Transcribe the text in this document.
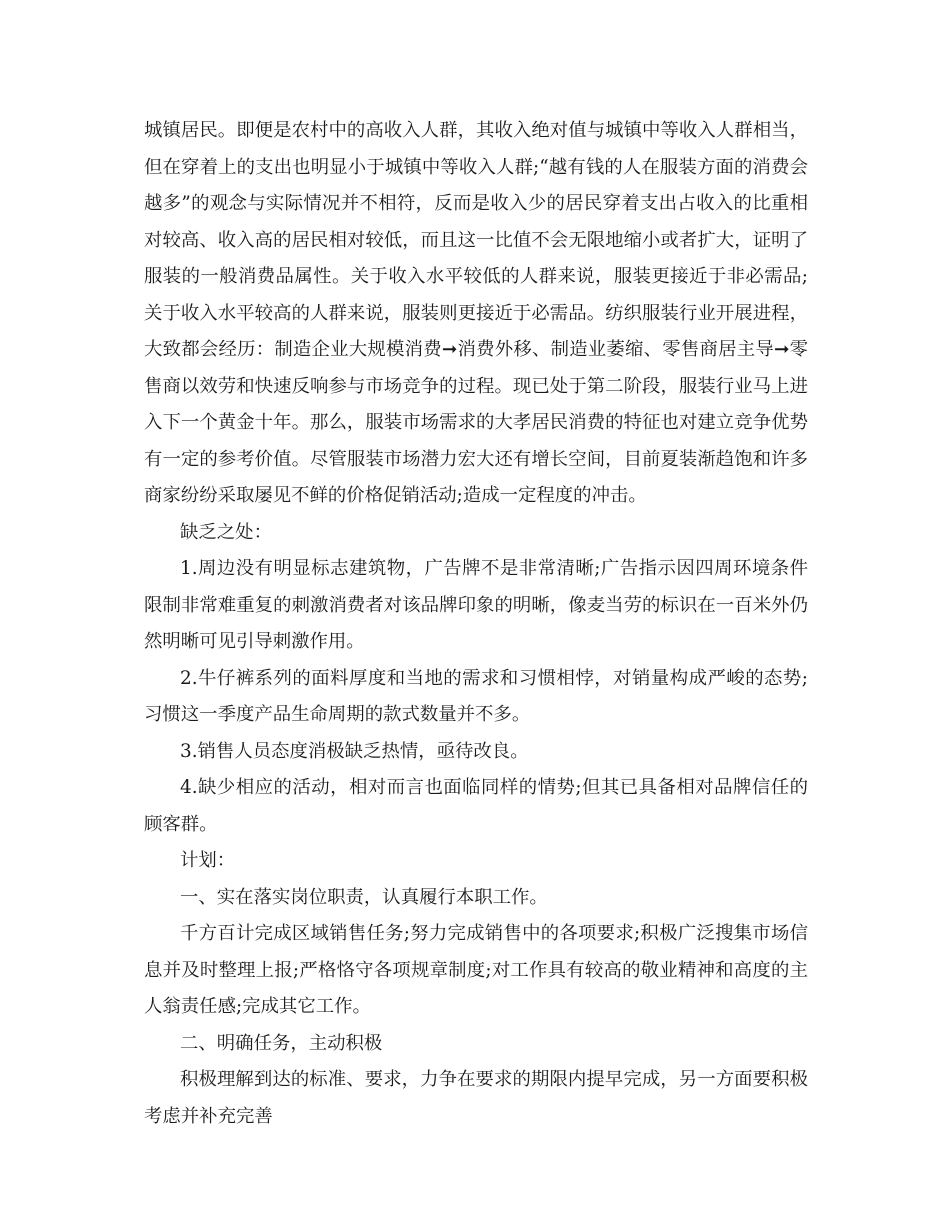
城镇居民。即便是农村中的高收入人群，其收入绝对值与城镇中等收入人群相当，但在穿着上的支出也明显小于城镇中等收入人群;“越有钱的人在服装方面的消费会越多”的观念与实际情况并不相符，反而是收入少的居民穿着支出占收入的比重相对较高、收入高的居民相对较低，而且这一比值不会无限地缩小或者扩大，证明了服装的一般消费品属性。关于收入水平较低的人群来说，服装更接近于非必需品;关于收入水平较高的人群来说，服装则更接近于必需品。纺织服装行业开展进程，大致都会经历：制造企业大规模消费➞消费外移、制造业萎缩、零售商居主导➞零售商以效劳和快速反响参与市场竞争的过程。现已处于第二阶段，服装行业马上进入下一个黄金十年。那么，服装市场需求的大孝居民消费的特征也对建立竞争优势有一定的参考价值。尽管服装市场潜力宏大还有增长空间，目前夏装渐趋饱和许多商家纷纷采取屡见不鲜的价格促销活动;造成一定程度的冲击。

缺乏之处：

1.周边没有明显标志建筑物，广告牌不是非常清晰;广告指示因四周环境条件限制非常难重复的刺激消费者对该品牌印象的明晰，像麦当劳的标识在一百米外仍然明晰可见引导刺激作用。

2.牛仔裤系列的面料厚度和当地的需求和习惯相悖，对销量构成严峻的态势;习惯这一季度产品生命周期的款式数量并不多。

3.销售人员态度消极缺乏热情，亟待改良。

4.缺少相应的活动，相对而言也面临同样的情势;但其已具备相对品牌信任的顾客群。

计划：

一、实在落实岗位职责，认真履行本职工作。

千方百计完成区域销售任务;努力完成销售中的各项要求;积极广泛搜集市场信息并及时整理上报;严格恪守各项规章制度;对工作具有较高的敬业精神和高度的主人翁责任感;完成其它工作。

二、明确任务，主动积极

积极理解到达的标准、要求，力争在要求的期限内提早完成，另一方面要积极考虑并补充完善
